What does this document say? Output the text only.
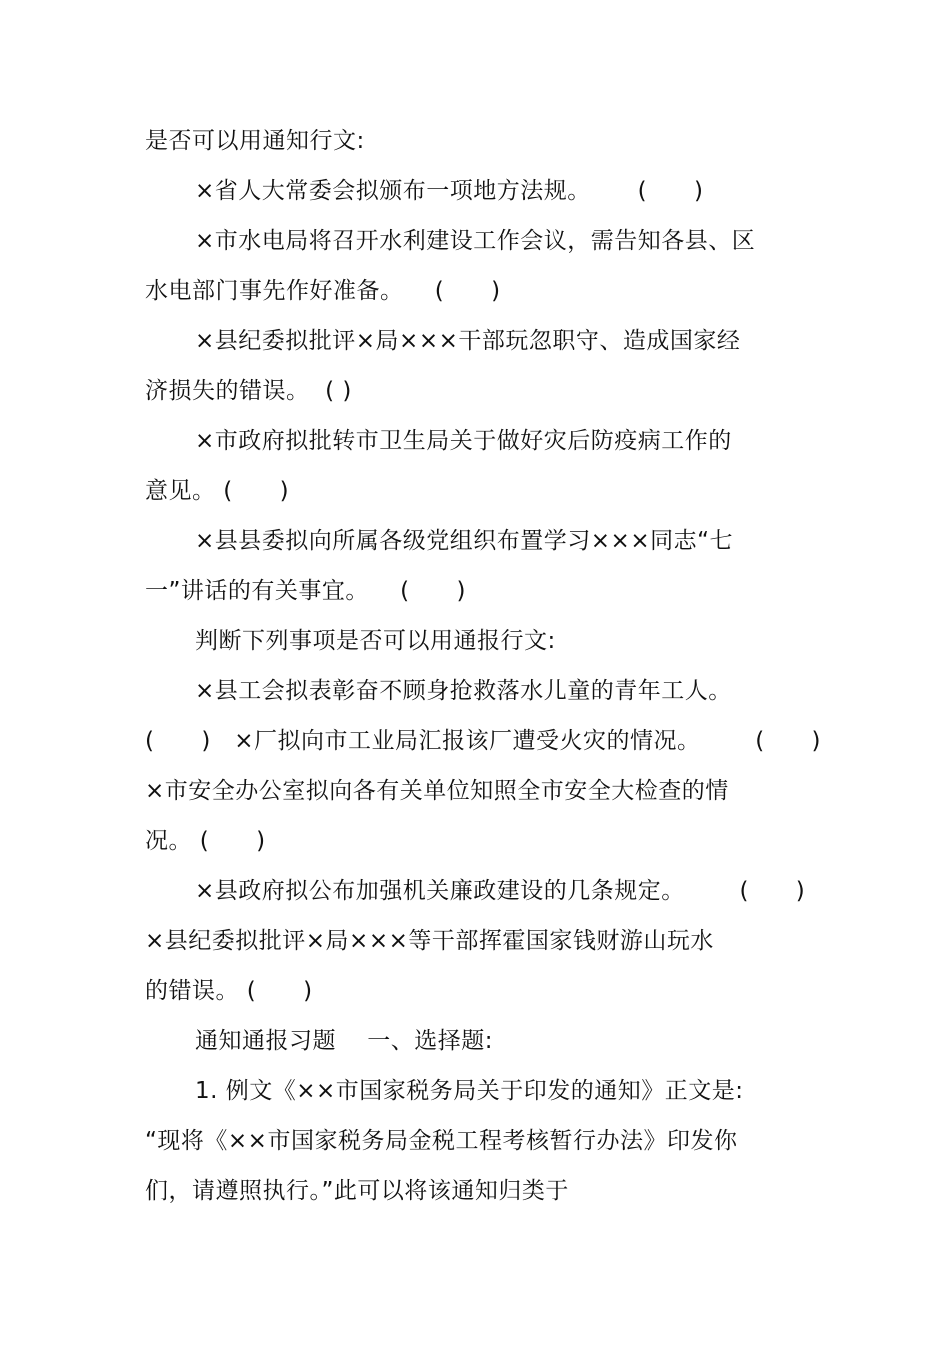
是否可以用通知行文:
×省人大常委会拟颁布一项地方法规。      (      )
×市水电局将召开水利建设工作会议，需告知各县、区
水电部门事先作好准备。    (      )
×县纪委拟批评×局×××干部玩忽职守、造成国家经
济损失的错误。  ( )
×市政府拟批转市卫生局关于做好灾后防疫病工作的
意见。 (      )
×县县委拟向所属各级党组织布置学习×××同志“七
一”讲话的有关事宜。    (      )
判断下列事项是否可以用通报行文:
×县工会拟表彰奋不顾身抢救落水儿童的青年工人。
(      )   ×厂拟向市工业局汇报该厂遭受火灾的情况。       (      )
×市安全办公室拟向各有关单位知照全市安全大检查的情
况。 (      )
×县政府拟公布加强机关廉政建设的几条规定。       (      )
×县纪委拟批评×局×××等干部挥霍国家钱财游山玩水
的错误。 (      )
通知通报习题    一、选择题:
1. 例文《××市国家税务局关于印发的通知》正文是:
“现将《××市国家税务局金税工程考核暂行办法》印发你
们，请遵照执行。”此可以将该通知归类于
